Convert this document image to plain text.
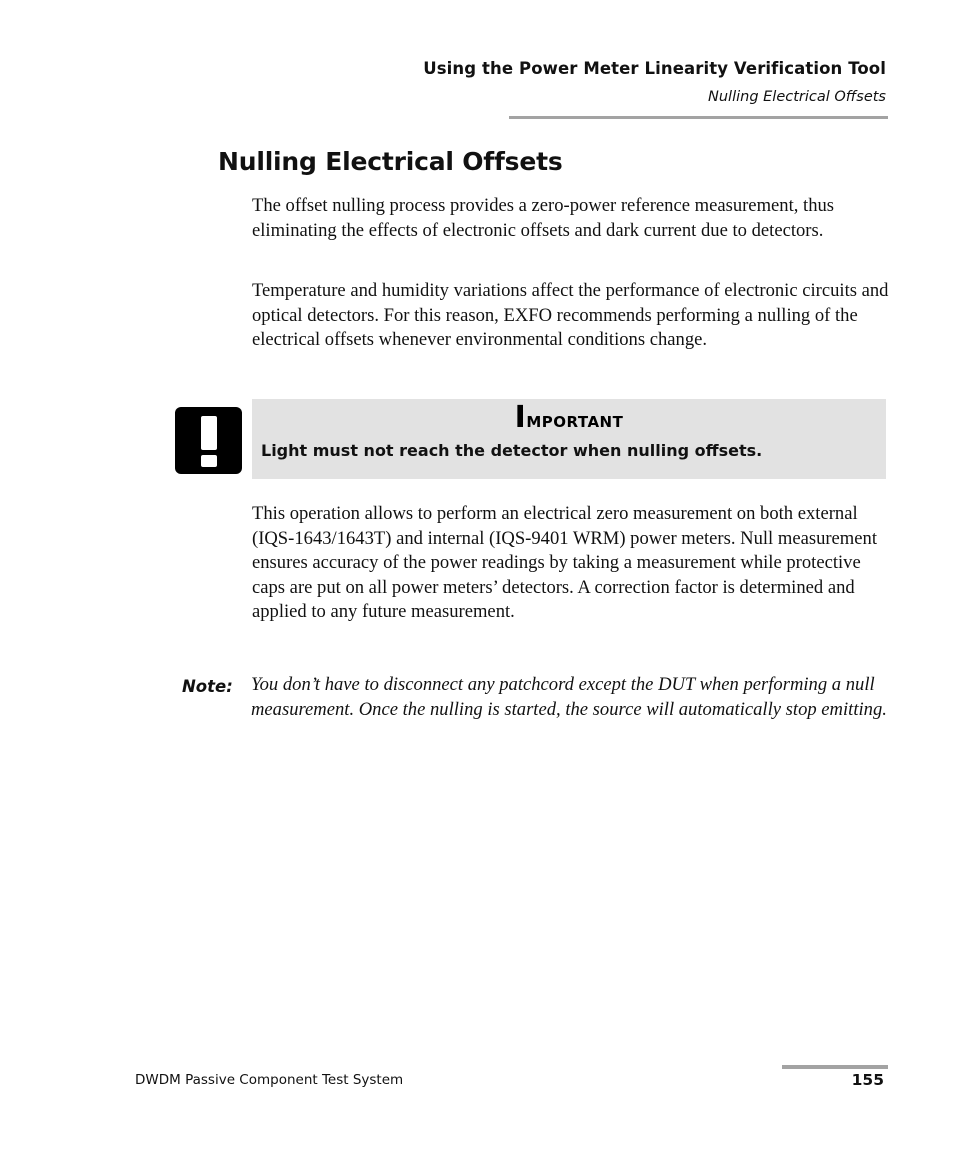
Using the Power Meter Linearity Verification Tool
Nulling Electrical Offsets
Nulling Electrical Offsets

The offset nulling process provides a zero-power reference measurement, thus eliminating the effects of electronic offsets and dark current due to detectors.

Temperature and humidity variations affect the performance of electronic circuits and optical detectors. For this reason, EXFO recommends performing a nulling of the electrical offsets whenever environmental conditions change.

Important
Light must not reach the detector when nulling offsets.

This operation allows to perform an electrical zero measurement on both external (IQS-1643/1643T) and internal (IQS-9401 WRM) power meters. Null measurement ensures accuracy of the power readings by taking a measurement while protective caps are put on all power meters’ detectors. A correction factor is determined and applied to any future measurement.

Note: You don’t have to disconnect any patchcord except the DUT when performing a null measurement. Once the nulling is started, the source will automatically stop emitting.

DWDM Passive Component Test System	155
